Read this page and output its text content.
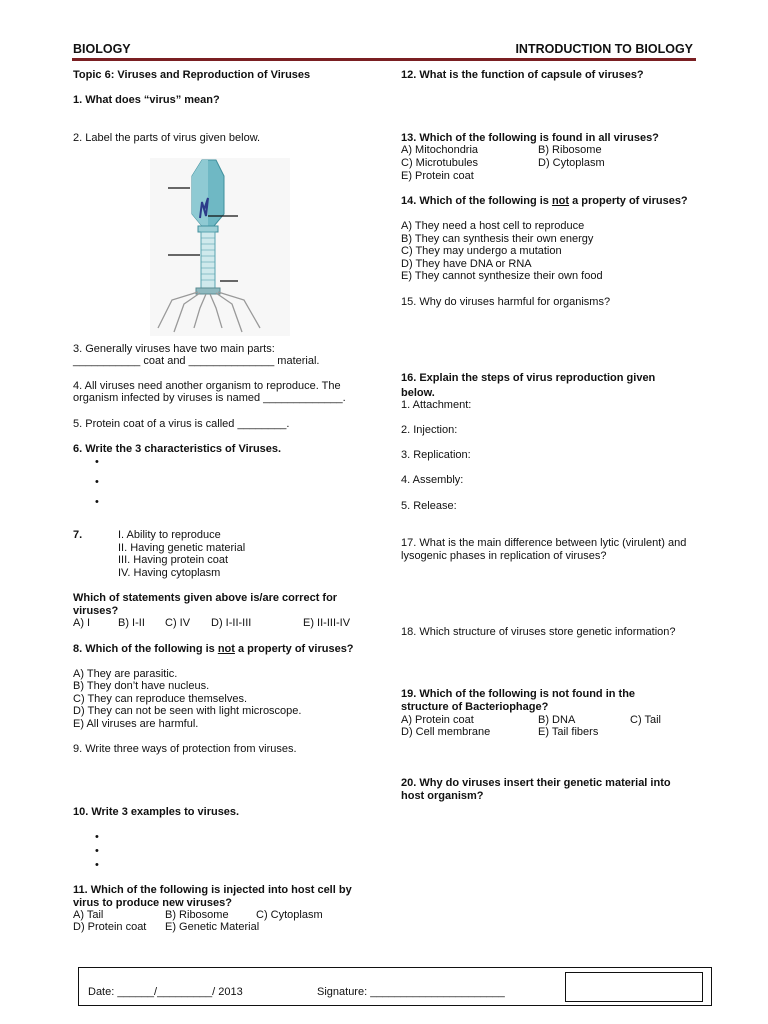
BIOLOGY	INTRODUCTION TO BIOLOGY
Topic 6: Viruses and Reproduction of Viruses
1. What does “virus” mean?
2. Label the parts of virus given below.
3. Generally viruses have two main parts:
___________ coat and ______________ material.
4. All viruses need another organism to reproduce. The
organism infected by viruses is named _____________.
5. Protein coat of a virus is called ________.
6. Write the 3 characteristics of Viruses.
•
•
•
7.	I. Ability to reproduce
II. Having genetic material
III. Having protein coat
IV. Having cytoplasm
Which of statements given above is/are correct for viruses?
A) I	B) I-II C) IV D) I-II-III	E) II-III-IV
8. Which of the following is not a property of viruses?
A) They are parasitic.
B) They don’t have nucleus.
C) They can reproduce themselves.
D) They can not be seen with light microscope.
E) All viruses are harmful.
9. Write three ways of protection from viruses.
10. Write 3 examples to viruses.
•
•
•
11. Which of the following is injected into host cell by virus to produce new viruses?
A) Tail	B) Ribosome C) Cytoplasm
D) Protein coat E) Genetic Material
12. What is the function of capsule of viruses?
13. Which of the following is found in all viruses?
A) Mitochondria	B) Ribosome
C) Microtubules	D) Cytoplasm
E) Protein coat
14. Which of the following is not a property of viruses?
A) They need a host cell to reproduce
B) They can synthesis their own energy
C) They may undergo a mutation
D) They have DNA or RNA
E) They cannot synthesize their own food
15. Why do viruses harmful for organisms?
16. Explain the steps of virus reproduction given below.
1. Attachment:
2. Injection:
3. Replication:
4. Assembly:
5. Release:
17. What is the main difference between lytic (virulent) and lysogenic phases in replication of viruses?
18. Which structure of viruses store genetic information?
19. Which of the following is not found in the structure of Bacteriophage?
A) Protein coat	B) DNA	C) Tail
D) Cell membrane	E) Tail fibers
20. Why do viruses insert their genetic material into host organism?
Date: ______/_________/ 2013	Signature: ______________________
